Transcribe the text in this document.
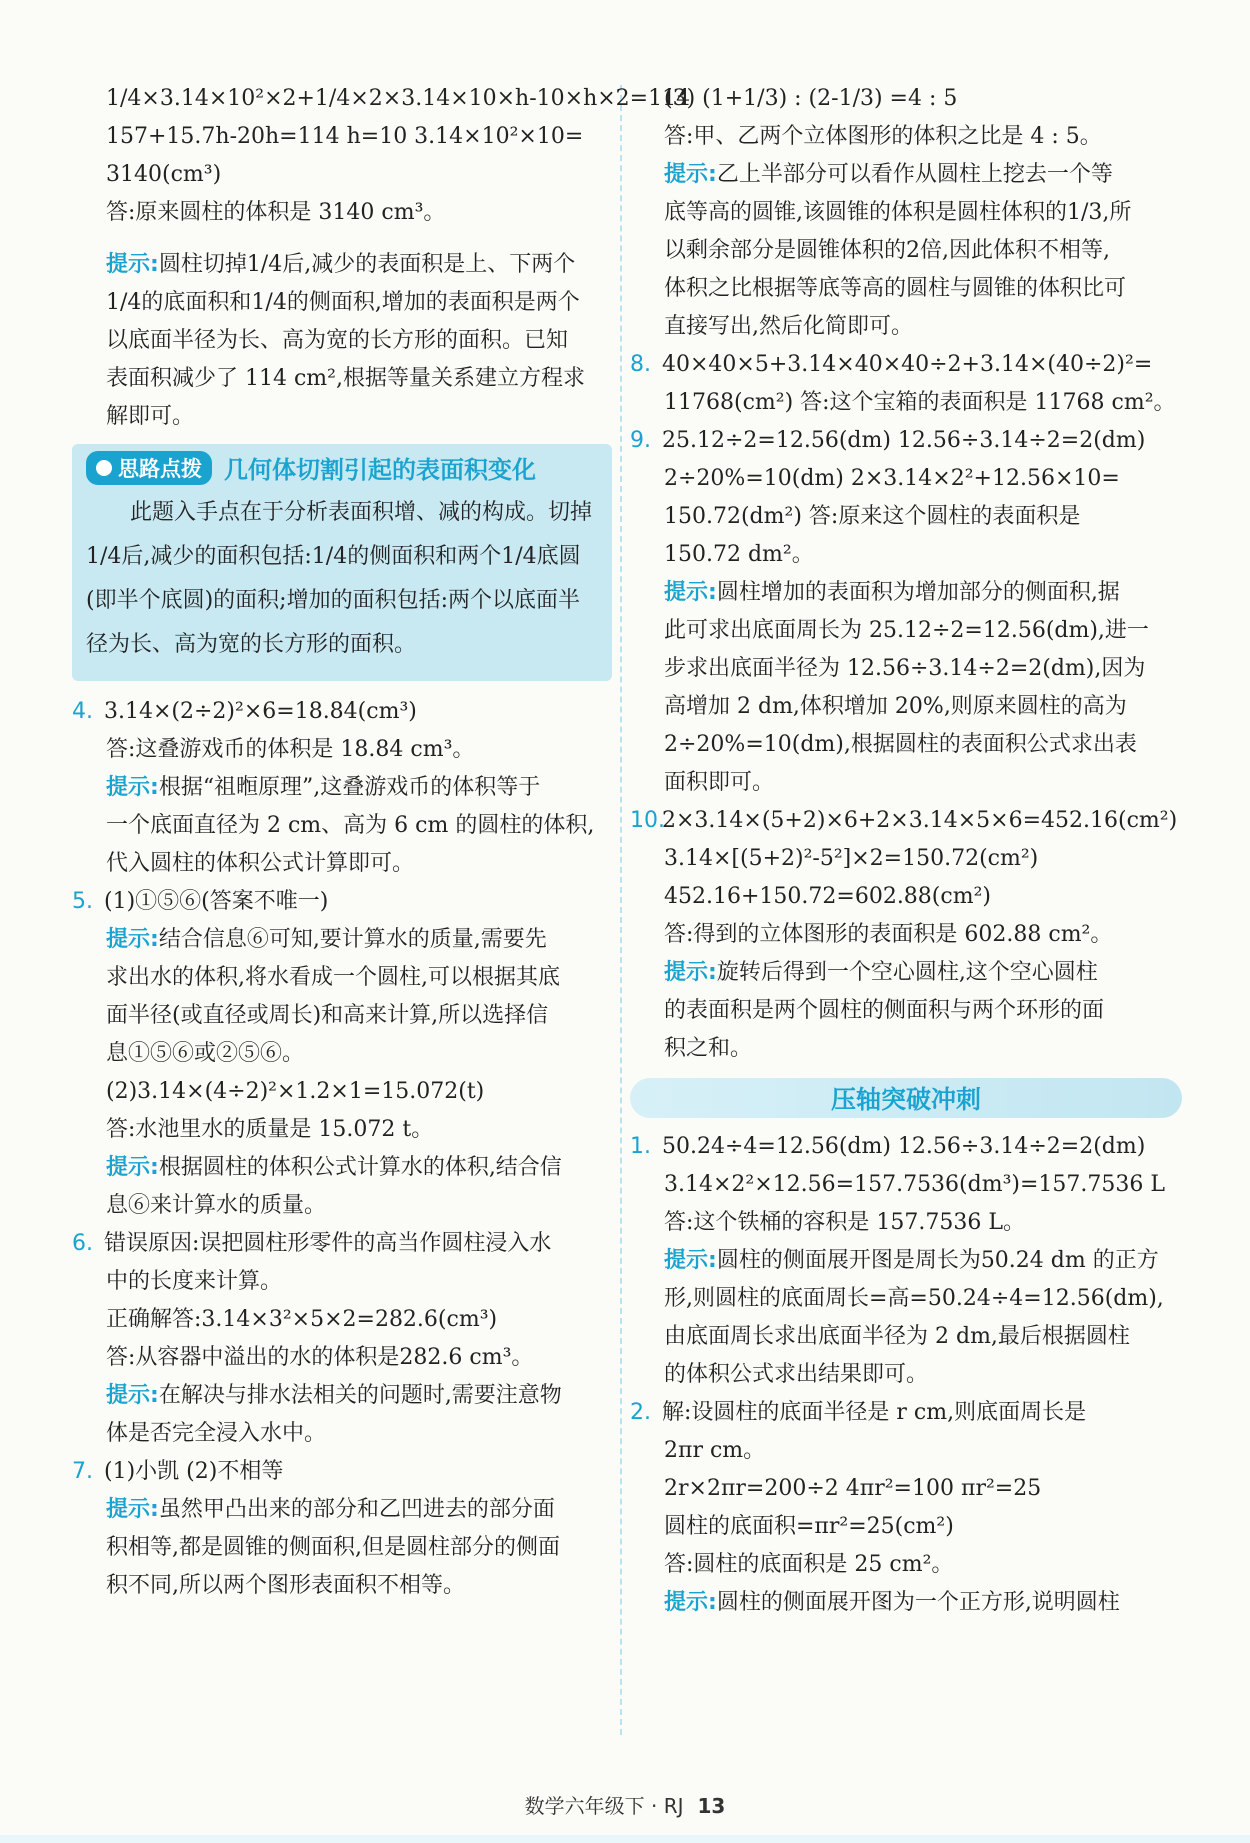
1/4×3.14×10²×2+1/4×2×3.14×10×h-10×h×2=114
157+15.7h-20h=114 h=10 3.14×10²×10=
3140(cm³)
答:原来圆柱的体积是 3140 cm³。
提示:圆柱切掉1/4后,减少的表面积是上、下两个
1/4的底面积和1/4的侧面积,增加的表面积是两个
以底面半径为长、高为宽的长方形的面积。已知
表面积减少了 114 cm²,根据等量关系建立方程求
解即可。
思路点拨 几何体切割引起的表面积变化
此题入手点在于分析表面积增、减的构成。切掉1/4后,减少的面积包括:1/4的侧面积和两个1/4底圆(即半个底圆)的面积;增加的面积包括:两个以底面半径为长、高为宽的长方形的面积。
4. 3.14×(2÷2)²×6=18.84(cm³)
答:这叠游戏币的体积是 18.84 cm³。
提示:根据“祖暅原理”,这叠游戏币的体积等于
一个底面直径为 2 cm、高为 6 cm 的圆柱的体积,
代入圆柱的体积公式计算即可。
5. (1)①⑤⑥(答案不唯一)
提示:结合信息⑥可知,要计算水的质量,需要先
求出水的体积,将水看成一个圆柱,可以根据其底
面半径(或直径或周长)和高来计算,所以选择信
息①⑤⑥或②⑤⑥。
(2)3.14×(4÷2)²×1.2×1=15.072(t)
答:水池里水的质量是 15.072 t。
提示:根据圆柱的体积公式计算水的体积,结合信
息⑥来计算水的质量。
6. 错误原因:误把圆柱形零件的高当作圆柱浸入水
中的长度来计算。
正确解答:3.14×3²×5×2=282.6(cm³)
答:从容器中溢出的水的体积是282.6 cm³。
提示:在解决与排水法相关的问题时,需要注意物
体是否完全浸入水中。
7. (1)小凯 (2)不相等
提示:虽然甲凸出来的部分和乙凹进去的部分面
积相等,都是圆锥的侧面积,但是圆柱部分的侧面
积不同,所以两个图形表面积不相等。
(3) (1+1/3) : (2-1/3) =4 : 5
答:甲、乙两个立体图形的体积之比是 4 : 5。
提示:乙上半部分可以看作从圆柱上挖去一个等
底等高的圆锥,该圆锥的体积是圆柱体积的1/3,所
以剩余部分是圆锥体积的2倍,因此体积不相等,
体积之比根据等底等高的圆柱与圆锥的体积比可
直接写出,然后化简即可。
8. 40×40×5+3.14×40×40÷2+3.14×(40÷2)²=
11768(cm²) 答:这个宝箱的表面积是 11768 cm²。
9. 25.12÷2=12.56(dm) 12.56÷3.14÷2=2(dm)
2÷20%=10(dm) 2×3.14×2²+12.56×10=
150.72(dm²) 答:原来这个圆柱的表面积是
150.72 dm²。
提示:圆柱增加的表面积为增加部分的侧面积,据
此可求出底面周长为 25.12÷2=12.56(dm),进一
步求出底面半径为 12.56÷3.14÷2=2(dm),因为
高增加 2 dm,体积增加 20%,则原来圆柱的高为
2÷20%=10(dm),根据圆柱的表面积公式求出表
面积即可。
10.2×3.14×(5+2)×6+2×3.14×5×6=452.16(cm²)
3.14×[(5+2)²-5²]×2=150.72(cm²)
452.16+150.72=602.88(cm²)
答:得到的立体图形的表面积是 602.88 cm²。
提示:旋转后得到一个空心圆柱,这个空心圆柱
的表面积是两个圆柱的侧面积与两个环形的面
积之和。
压轴突破冲刺
1. 50.24÷4=12.56(dm) 12.56÷3.14÷2=2(dm)
3.14×2²×12.56=157.7536(dm³)=157.7536 L
答:这个铁桶的容积是 157.7536 L。
提示:圆柱的侧面展开图是周长为50.24 dm 的正方
形,则圆柱的底面周长=高=50.24÷4=12.56(dm),
由底面周长求出底面半径为 2 dm,最后根据圆柱
的体积公式求出结果即可。
2. 解:设圆柱的底面半径是 r cm,则底面周长是
2πr cm。
2r×2πr=200÷2 4πr²=100 πr²=25
圆柱的底面积=πr²=25(cm²)
答:圆柱的底面积是 25 cm²。
提示:圆柱的侧面展开图为一个正方形,说明圆柱
数学六年级下 · RJ 13
